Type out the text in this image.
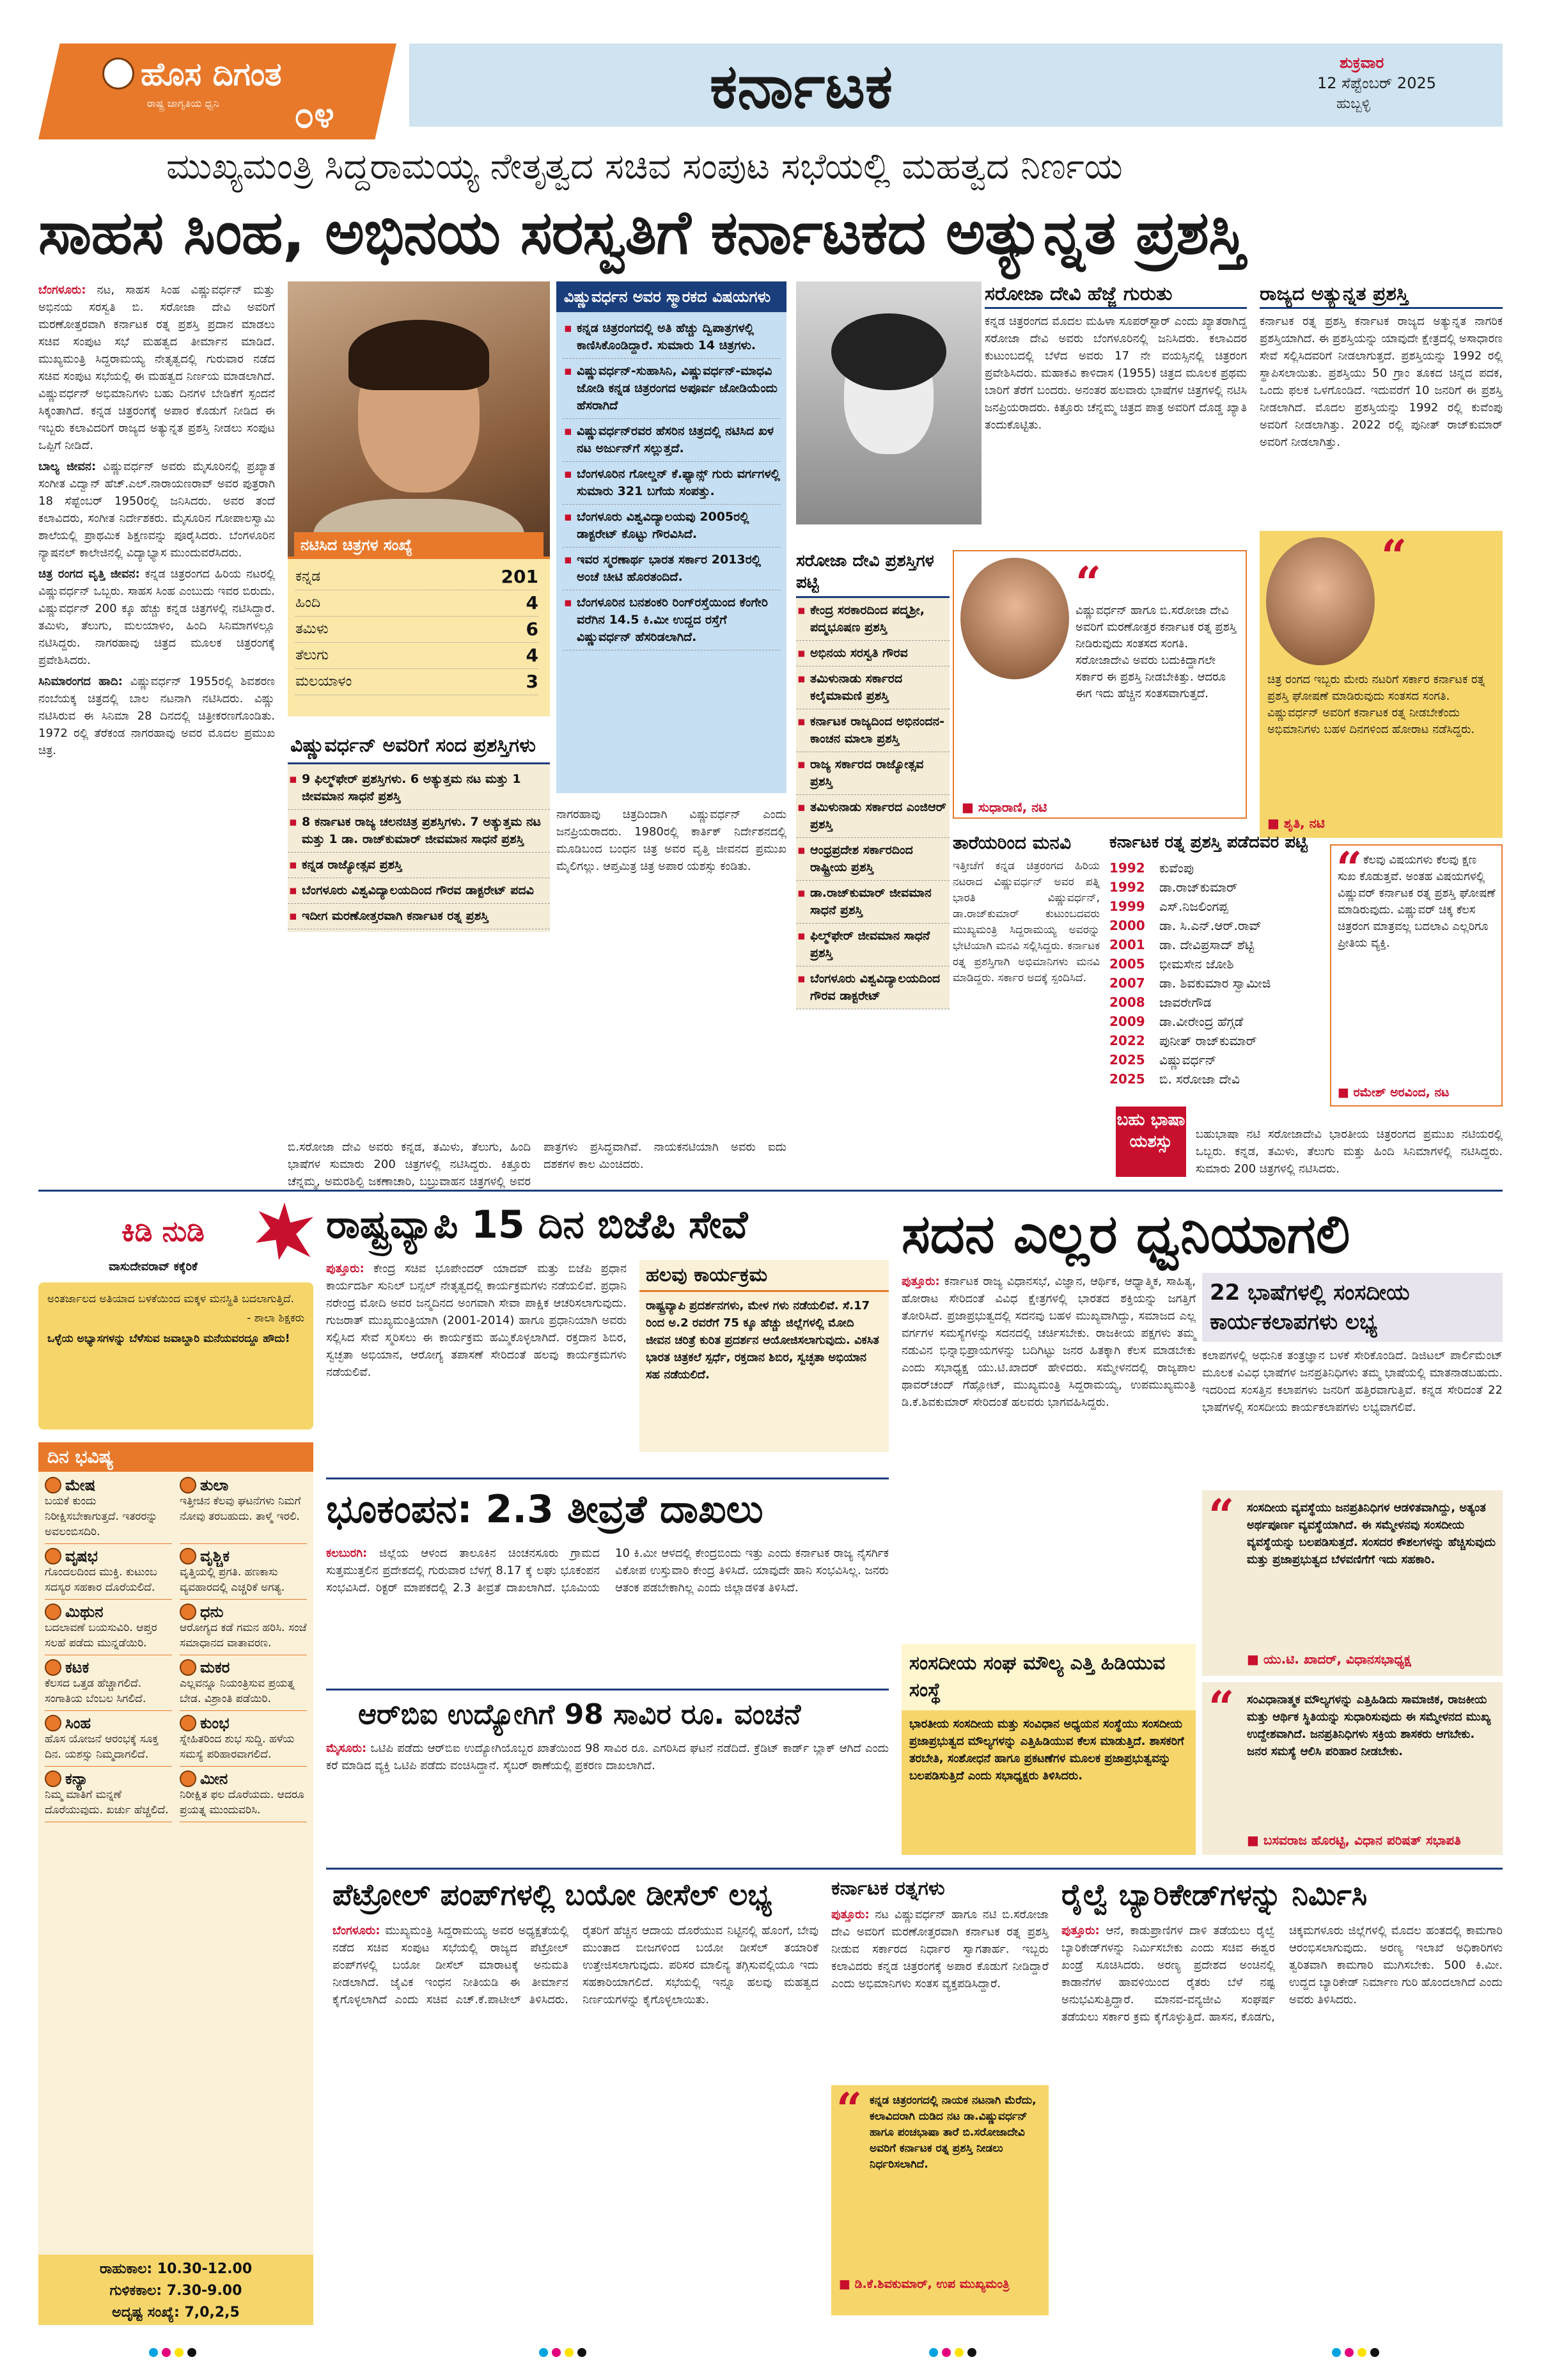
ಹೊಸ ದಿಗಂತ
ರಾಷ್ಟ್ರ ಜಾಗೃತಿಯ ಧ್ವನಿ ೦೪	ಕರ್ನಾಟಕ	ಶುಕ್ರವಾರ
12 ಸೆಪ್ಟೆಂಬರ್ 2025
ಹುಬ್ಬಳ್ಳಿ
ಮುಖ್ಯಮಂತ್ರಿ ಸಿದ್ದರಾಮಯ್ಯ ನೇತೃತ್ವದ ಸಚಿವ ಸಂಪುಟ ಸಭೆಯಲ್ಲಿ ಮಹತ್ವದ ನಿರ್ಣಯ
ಸಾಹಸ ಸಿಂಹ, ಅಭಿನಯ ಸರಸ್ವತಿಗೆ ಕರ್ನಾಟಕದ ಅತ್ಯುನ್ನತ ಪ್ರಶಸ್ತಿ

ಬೆಂಗಳೂರು: ನಟ, ಸಾಹಸ ಸಿಂಹ ವಿಷ್ಣುವರ್ಧನ್ ಮತ್ತು ಅಭಿನಯ ಸರಸ್ವತಿ ಬಿ. ಸರೋಜಾ ದೇವಿ ಅವರಿಗೆ ಮರಣೋತ್ತರವಾಗಿ ಕರ್ನಾಟಕ ರತ್ನ ಪ್ರಶಸ್ತಿ ಪ್ರದಾನ ಮಾಡಲು ಸಚಿವ ಸಂಪುಟ ಸಭೆ ಮಹತ್ವದ ತೀರ್ಮಾನ ಮಾಡಿದೆ. ಮುಖ್ಯಮಂತ್ರಿ ಸಿದ್ದರಾಮಯ್ಯ ನೇತೃತ್ವದಲ್ಲಿ ಗುರುವಾರ ನಡೆದ ಸಚಿವ ಸಂಪುಟ ಸಭೆಯಲ್ಲಿ ಈ ಮಹತ್ವದ ನಿರ್ಣಯ ಮಾಡಲಾಗಿದೆ. ವಿಷ್ಣುವರ್ಧನ್ ಅಭಿಮಾನಿಗಳು ಬಹು ದಿನಗಳ ಬೇಡಿಕೆಗೆ ಸ್ಪಂದನೆ ಸಿಕ್ಕಂತಾಗಿದೆ. ಕನ್ನಡ ಚಿತ್ರರಂಗಕ್ಕೆ ಅಪಾರ ಕೊಡುಗೆ ನೀಡಿದ ಈ ಇಬ್ಬರು ಕಲಾವಿದರಿಗೆ ರಾಜ್ಯದ ಅತ್ಯುನ್ನತ ಪ್ರಶಸ್ತಿ ನೀಡಲು ಸಂಪುಟ ಒಪ್ಪಿಗೆ ನೀಡಿದೆ.

ಬಾಲ್ಯ ಜೀವನ: ವಿಷ್ಣುವರ್ಧನ್ ಅವರು ಮೈಸೂರಿನಲ್ಲಿ ಪ್ರಖ್ಯಾತ ಸಂಗೀತ ವಿದ್ವಾನ್ ಹೆಚ್.ಎಲ್.ನಾರಾಯಣರಾವ್ ಅವರ ಪುತ್ರರಾಗಿ 18 ಸೆಪ್ಟೆಂಬರ್ 1950ರಲ್ಲಿ ಜನಿಸಿದರು. ಅವರ ತಂದೆ ಕಲಾವಿದರು, ಸಂಗೀತ ನಿರ್ದೇಶಕರು. ಮೈಸೂರಿನ ಗೋಪಾಲಸ್ವಾಮಿ ಶಾಲೆಯಲ್ಲಿ ಪ್ರಾಥಮಿಕ ಶಿಕ್ಷಣವನ್ನು ಪೂರೈಸಿದರು. ಬೆಂಗಳೂರಿನ ನ್ಯಾಷನಲ್ ಕಾಲೇಜಿನಲ್ಲಿ ವಿದ್ಯಾಭ್ಯಾಸ ಮುಂದುವರೆಸಿದರು.

ಚಿತ್ರ ರಂಗದ ವೃತ್ತಿ ಜೀವನ: ಕನ್ನಡ ಚಿತ್ರರಂಗದ ಹಿರಿಯ ನಟರಲ್ಲಿ ವಿಷ್ಣುವರ್ಧನ್ ಒಬ್ಬರು. ಸಾಹಸ ಸಿಂಹ ಎಂಬುದು ಇವರ ಬಿರುದು. ವಿಷ್ಣುವರ್ಧನ್ 200 ಕ್ಕೂ ಹೆಚ್ಚು ಕನ್ನಡ ಚಿತ್ರಗಳಲ್ಲಿ ನಟಿಸಿದ್ದಾರೆ. ತಮಿಳು, ತೆಲುಗು, ಮಲಯಾಳಂ, ಹಿಂದಿ ಸಿನಿಮಾಗಳಲ್ಲೂ ನಟಿಸಿದ್ದರು. ನಾಗರಹಾವು ಚಿತ್ರದ ಮೂಲಕ ಚಿತ್ರರಂಗಕ್ಕೆ ಪ್ರವೇಶಿಸಿದರು.

ಸಿನಿಮಾರಂಗದ ಹಾದಿ: ವಿಷ್ಣುವರ್ಧನ್ 1955ರಲ್ಲಿ ಶಿವಶರಣ ನಂಬೆಯಕ್ಕ ಚಿತ್ರದಲ್ಲಿ ಬಾಲ ನಟನಾಗಿ ನಟಿಸಿದರು. ವಿಷ್ಣು ನಟಿಸಿರುವ ಈ ಸಿನಿಮಾ 28 ದಿನದಲ್ಲಿ ಚಿತ್ರೀಕರಣಗೊಂಡಿತು. 1972 ರಲ್ಲಿ ತೆರೆಕಂಡ ನಾಗರಹಾವು ಅವರ ಮೊದಲ ಪ್ರಮುಖ ಚಿತ್ರ.

ನಟಿಸಿದ ಚಿತ್ರಗಳ ಸಂಖ್ಯೆ
ಕನ್ನಡ	201
ಹಿಂದಿ	4
ತಮಿಳು	6
ತೆಲುಗು	4
ಮಲಯಾಳಂ	3
ವಿಷ್ಣುವರ್ಧನ ಅವರ ಸ್ಮಾರಕದ ವಿಷಯಗಳು
▪ ಕನ್ನಡ ಚಿತ್ರರಂಗದಲ್ಲಿ ಅತಿ ಹೆಚ್ಚು ದ್ವಿಪಾತ್ರಗಳಲ್ಲಿ ಕಾಣಿಸಿಕೊಂಡಿದ್ದಾರೆ. ಸುಮಾರು 14 ಚಿತ್ರಗಳು.
▪ ವಿಷ್ಣುವರ್ಧನ್-ಸುಹಾಸಿನಿ, ವಿಷ್ಣುವರ್ಧನ್-ಮಾಧವಿ ಜೋಡಿ ಕನ್ನಡ ಚಿತ್ರರಂಗದ ಅಪೂರ್ವ ಜೋಡಿಯೆಂದು ಹೆಸರಾಗಿದೆ
▪ ವಿಷ್ಣುವರ್ಧನ್‌ರವರ ಹೆಸರಿನ ಚಿತ್ರದಲ್ಲಿ ನಟಿಸಿದ ಖಳ ನಟ ಅರ್ಜುನ್‌ಗೆ ಸಲ್ಲುತ್ತದೆ.
▪ ಬೆಂಗಳೂರಿನ ಗೋಲ್ಡನ್‌ ಕೆ.ಫ್ಯಾನ್ಸ್ ಗುರು ವರ್ಗಗಳಲ್ಲಿ ಸುಮಾರು 321 ಬಗೆಯ ಸಂಪತ್ತು.
▪ ಬೆಂಗಳೂರು ವಿಶ್ವವಿದ್ಯಾಲಯವು 2005ರಲ್ಲಿ ಡಾಕ್ಟರೇಟ್ ಕೊಟ್ಟು ಗೌರವಿಸಿದೆ.
▪ ಇವರ ಸ್ಮರಣಾರ್ಥ ಭಾರತ ಸರ್ಕಾರ 2013ರಲ್ಲಿ ಅಂಚೆ ಚೀಟಿ ಹೊರತಂದಿದೆ.
▪ ಬೆಂಗಳೂರಿನ ಬನಶಂಕರಿ ರಿಂಗ್‌ರಸ್ತೆಯಿಂದ ಕೆಂಗೇರಿ ವರೆಗಿನ 14.5 ಕಿ.ಮೀ ಉದ್ದದ ರಸ್ತೆಗೆ ವಿಷ್ಣುವರ್ಧನ್ ಹೆಸರಿಡಲಾಗಿದೆ.
ವಿಷ್ಣುವರ್ಧನ್ ಅವರಿಗೆ ಸಂದ ಪ್ರಶಸ್ತಿಗಳು
▪ 9 ಫಿಲ್ಮ್‌ಫೇರ್ ಪ್ರಶಸ್ತಿಗಳು. 6 ಅತ್ಯುತ್ತಮ ನಟ ಮತ್ತು 1 ಜೀವಮಾನ ಸಾಧನೆ ಪ್ರಶಸ್ತಿ
▪ 8 ಕರ್ನಾಟಕ ರಾಜ್ಯ ಚಲನಚಿತ್ರ ಪ್ರಶಸ್ತಿಗಳು. 7 ಅತ್ಯುತ್ತಮ ನಟ ಮತ್ತು 1 ಡಾ. ರಾಜ್‌ಕುಮಾರ್ ಜೀವಮಾನ ಸಾಧನೆ ಪ್ರಶಸ್ತಿ
▪ ಕನ್ನಡ ರಾಜ್ಯೋತ್ಸವ ಪ್ರಶಸ್ತಿ
▪ ಬೆಂಗಳೂರು ವಿಶ್ವವಿದ್ಯಾಲಯದಿಂದ ಗೌರವ ಡಾಕ್ಟರೇಟ್ ಪದವಿ
▪ ಇದೀಗ ಮರಣೋತ್ತರವಾಗಿ ಕರ್ನಾಟಕ ರತ್ನ ಪ್ರಶಸ್ತಿ

ನಾಗರಹಾವು ಚಿತ್ರದಿಂದಾಗಿ ವಿಷ್ಣುವರ್ಧನ್ ಎಂದು ಜನಪ್ರಿಯರಾದರು. 1980ರಲ್ಲಿ ಕಾರ್ತಿಕ್ ನಿರ್ದೇಶನದಲ್ಲಿ ಮೂಡಿಬಂದ ಬಂಧನ ಚಿತ್ರ ಅವರ ವೃತ್ತಿ ಜೀವನದ ಪ್ರಮುಖ ಮೈಲಿಗಲ್ಲು. ಆಪ್ತಮಿತ್ರ ಚಿತ್ರ ಅಪಾರ ಯಶಸ್ಸು ಕಂಡಿತು.

ಬಿ.ಸರೋಜಾ ದೇವಿ ಅವರು ಕನ್ನಡ, ತಮಿಳು, ತೆಲುಗು, ಹಿಂದಿ ಭಾಷೆಗಳ ಸುಮಾರು 200 ಚಿತ್ರಗಳಲ್ಲಿ ನಟಿಸಿದ್ದರು. ಕಿತ್ತೂರು ಚೆನ್ನಮ್ಮ, ಅಮರಶಿಲ್ಪಿ ಜಕಣಾಚಾರಿ, ಬಬ್ರುವಾಹನ ಚಿತ್ರಗಳಲ್ಲಿ ಅವರ ಪಾತ್ರಗಳು ಪ್ರಸಿದ್ಧವಾಗಿವೆ. ನಾಯಕನಟಿಯಾಗಿ ಅವರು ಐದು ದಶಕಗಳ ಕಾಲ ಮಿಂಚಿದರು.

ಸರೋಜಾ ದೇವಿ ಹೆಜ್ಜೆ ಗುರುತು

ಕನ್ನಡ ಚಿತ್ರರಂಗದ ಮೊದಲ ಮಹಿಳಾ ಸೂಪರ್‌ಸ್ಟಾರ್ ಎಂದು ಖ್ಯಾತರಾಗಿದ್ದ ಸರೋಜಾ ದೇವಿ ಅವರು ಬೆಂಗಳೂರಿನಲ್ಲಿ ಜನಿಸಿದರು. ಕಲಾವಿದರ ಕುಟುಂಬದಲ್ಲಿ ಬೆಳೆದ ಅವರು 17 ನೇ ವಯಸ್ಸಿನಲ್ಲಿ ಚಿತ್ರರಂಗ ಪ್ರವೇಶಿಸಿದರು. ಮಹಾಕವಿ ಕಾಳಿದಾಸ (1955) ಚಿತ್ರದ ಮೂಲಕ ಪ್ರಥಮ ಬಾರಿಗೆ ತೆರೆಗೆ ಬಂದರು. ಅನಂತರ ಹಲವಾರು ಭಾಷೆಗಳ ಚಿತ್ರಗಳಲ್ಲಿ ನಟಿಸಿ ಜನಪ್ರಿಯರಾದರು. ಕಿತ್ತೂರು ಚೆನ್ನಮ್ಮ ಚಿತ್ರದ ಪಾತ್ರ ಅವರಿಗೆ ದೊಡ್ಡ ಖ್ಯಾತಿ ತಂದುಕೊಟ್ಟಿತು.

ರಾಜ್ಯದ ಅತ್ಯುನ್ನತ ಪ್ರಶಸ್ತಿ

ಕರ್ನಾಟಕ ರತ್ನ ಪ್ರಶಸ್ತಿ ಕರ್ನಾಟಕ ರಾಜ್ಯದ ಅತ್ಯುನ್ನತ ನಾಗರಿಕ ಪ್ರಶಸ್ತಿಯಾಗಿದೆ. ಈ ಪ್ರಶಸ್ತಿಯನ್ನು ಯಾವುದೇ ಕ್ಷೇತ್ರದಲ್ಲಿ ಅಸಾಧಾರಣ ಸೇವೆ ಸಲ್ಲಿಸಿದವರಿಗೆ ನೀಡಲಾಗುತ್ತದೆ. ಪ್ರಶಸ್ತಿಯನ್ನು 1992 ರಲ್ಲಿ ಸ್ಥಾಪಿಸಲಾಯಿತು. ಪ್ರಶಸ್ತಿಯು 50 ಗ್ರಾಂ ತೂಕದ ಚಿನ್ನದ ಪದಕ, ಒಂದು ಫಲಕ ಒಳಗೊಂಡಿದೆ. ಇದುವರೆಗೆ 10 ಜನರಿಗೆ ಈ ಪ್ರಶಸ್ತಿ ನೀಡಲಾಗಿದೆ. ಮೊದಲ ಪ್ರಶಸ್ತಿಯನ್ನು 1992 ರಲ್ಲಿ ಕುವೆಂಪು ಅವರಿಗೆ ನೀಡಲಾಗಿತ್ತು. 2022 ರಲ್ಲಿ ಪುನೀತ್ ರಾಜ್‌ಕುಮಾರ್ ಅವರಿಗೆ ನೀಡಲಾಗಿತ್ತು.

ಸರೋಜಾ ದೇವಿ ಪ್ರಶಸ್ತಿಗಳ ಪಟ್ಟಿ
▪ ಕೇಂದ್ರ ಸರಕಾರದಿಂದ ಪದ್ಮಶ್ರೀ, ಪದ್ಮಭೂಷಣ ಪ್ರಶಸ್ತಿ
▪ ಅಭಿನಯ ಸರಸ್ವತಿ ಗೌರವ
▪ ತಮಿಳುನಾಡು ಸರ್ಕಾರದ ಕಲೈಮಾಮಣಿ ಪ್ರಶಸ್ತಿ
▪ ಕರ್ನಾಟಕ ರಾಜ್ಯದಿಂದ ಅಭಿನಂದನ-ಕಾಂಚನ ಮಾಲಾ ಪ್ರಶಸ್ತಿ
▪ ರಾಜ್ಯ ಸರ್ಕಾರದ ರಾಜ್ಯೋತ್ಸವ ಪ್ರಶಸ್ತಿ
▪ ತಮಿಳುನಾಡು ಸರ್ಕಾರದ ಎಂಜಿಆರ್ ಪ್ರಶಸ್ತಿ
▪ ಆಂಧ್ರಪ್ರದೇಶ ಸರ್ಕಾರದಿಂದ ರಾಷ್ಟ್ರೀಯ ಪ್ರಶಸ್ತಿ
▪ ಡಾ.ರಾಜ್‌ಕುಮಾರ್ ಜೀವಮಾನ ಸಾಧನೆ ಪ್ರಶಸ್ತಿ
▪ ಫಿಲ್ಮ್‌ಫೇರ್ ಜೀವಮಾನ ಸಾಧನೆ ಪ್ರಶಸ್ತಿ
▪ ಬೆಂಗಳೂರು ವಿಶ್ವವಿದ್ಯಾಲಯದಿಂದ ಗೌರವ ಡಾಕ್ಟರೇಟ್
“

ವಿಷ್ಣುವರ್ಧನ್ ಹಾಗೂ ಬಿ.ಸರೋಜಾ ದೇವಿ ಅವರಿಗೆ ಮರಣೋತ್ತರ ಕರ್ನಾಟಕ ರತ್ನ ಪ್ರಶಸ್ತಿ ನೀಡಿರುವುದು ಸಂತಸದ ಸಂಗತಿ. ಸರೋಜಾದೇವಿ ಅವರು ಬದುಕಿದ್ದಾಗಲೇ ಸರ್ಕಾರ ಈ ಪ್ರಶಸ್ತಿ ನೀಡಬೇಕಿತ್ತು. ಆದರೂ ಈಗ ಇದು ಹೆಚ್ಚಿನ ಸಂತಸವಾಗುತ್ತದೆ.

■ ಸುಧಾರಾಣಿ, ನಟಿ
“

ಚಿತ್ರ ರಂಗದ ಇಬ್ಬರು ಮೇರು ನಟರಿಗೆ ಸರ್ಕಾರ ಕರ್ನಾಟಕ ರತ್ನ ಪ್ರಶಸ್ತಿ ಘೋಷಣೆ ಮಾಡಿರುವುದು ಸಂತಸದ ಸಂಗತಿ. ವಿಷ್ಣುವರ್ಧನ್ ಅವರಿಗೆ ಕರ್ನಾಟಕ ರತ್ನ ನೀಡಬೇಕೆಂದು ಅಭಿಮಾನಿಗಳು ಬಹಳ ದಿನಗಳಿಂದ ಹೋರಾಟ ನಡೆಸಿದ್ದರು.

■ ಶೃತಿ, ನಟಿ
ತಾರೆಯರಿಂದ ಮನವಿ

ಇತ್ತೀಚೆಗೆ ಕನ್ನಡ ಚಿತ್ರರಂಗದ ಹಿರಿಯ ನಟರಾದ ವಿಷ್ಣುವರ್ಧನ್ ಅವರ ಪತ್ನಿ ಭಾರತಿ ವಿಷ್ಣುವರ್ಧನ್, ಡಾ.ರಾಜ್‌ಕುಮಾರ್ ಕುಟುಂಬದವರು ಮುಖ್ಯಮಂತ್ರಿ ಸಿದ್ದರಾಮಯ್ಯ ಅವರನ್ನು ಭೇಟಿಯಾಗಿ ಮನವಿ ಸಲ್ಲಿಸಿದ್ದರು. ಕರ್ನಾಟಕ ರತ್ನ ಪ್ರಶಸ್ತಿಗಾಗಿ ಅಭಿಮಾನಿಗಳು ಮನವಿ ಮಾಡಿದ್ದರು. ಸರ್ಕಾರ ಅದಕ್ಕೆ ಸ್ಪಂದಿಸಿದೆ.

ಕರ್ನಾಟಕ ರತ್ನ ಪ್ರಶಸ್ತಿ ಪಡೆದವರ ಪಟ್ಟಿ
1992	ಕುವೆಂಪು
1992	ಡಾ.ರಾಜ್‌ಕುಮಾರ್
1999	ಎಸ್.ನಿಜಲಿಂಗಪ್ಪ
2000	ಡಾ. ಸಿ.ಎನ್.ಆರ್.ರಾವ್
2001	ಡಾ. ದೇವಿಪ್ರಸಾದ್ ಶೆಟ್ಟಿ
2005	ಭೀಮಸೇನ ಜೋಶಿ
2007	ಡಾ. ಶಿವಕುಮಾರ ಸ್ವಾಮೀಜಿ
2008	ಜಾವರೇಗೌಡ
2009	ಡಾ.ವೀರೇಂದ್ರ ಹೆಗ್ಗಡೆ
2022	ಪುನೀತ್ ರಾಜ್‌ಕುಮಾರ್
2025	ವಿಷ್ಣುವರ್ಧನ್
2025	ಬಿ. ಸರೋಜಾ ದೇವಿ
ಬಹು ಭಾಷಾ ಯಶಸ್ಸು
“ ಕೆಲವು ವಿಷಯಗಳು ಕೆಲವು ಕ್ಷಣ ಸುಖ ಕೊಡುತ್ತವೆ. ಅಂತಹ ವಿಷಯಗಳಲ್ಲಿ ವಿಷ್ಣುವರ್ ಕರ್ನಾಟಕ ರತ್ನ ಪ್ರಶಸ್ತಿ ಘೋಷಣೆ ಮಾಡಿರುವುದು. ವಿಷ್ಣುವರ್ ಚಿಕ್ಕ ಕೆಲಸ ಚಿತ್ರರಂಗ ಮಾತ್ರವಲ್ಲ ಬದಲಾವಿ ಎಲ್ಲರಿಗೂ ಪ್ರೀತಿಯ ವ್ಯಕ್ತಿ.

■ ರಮೇಶ್ ಅರವಿಂದ, ನಟ

ಬಹುಭಾಷಾ ನಟಿ ಸರೋಜಾದೇವಿ ಭಾರತೀಯ ಚಿತ್ರರಂಗದ ಪ್ರಮುಖ ನಟಿಯರಲ್ಲಿ ಒಬ್ಬರು. ಕನ್ನಡ, ತಮಿಳು, ತೆಲುಗು ಮತ್ತು ಹಿಂದಿ ಸಿನಿಮಾಗಳಲ್ಲಿ ನಟಿಸಿದ್ದರು. ಸುಮಾರು 200 ಚಿತ್ರಗಳಲ್ಲಿ ನಟಿಸಿದರು.

ಕಿಡಿ ನುಡಿ
ವಾಸುದೇವರಾವ್ ಕಕ್ಕೆರಿಕೆ

ಅಂತರ್ಜಾಲದ ಅತಿಯಾದ ಬಳಕೆಯಿಂದ ಮಕ್ಕಳ ಮನಸ್ಥಿತಿ ಬದಲಾಗುತ್ತಿದೆ.

- ಶಾಲಾ ಶಿಕ್ಷಕರು

ಒಳ್ಳೆಯ ಅಭ್ಯಾಸಗಳನ್ನು ಬೆಳೆಸುವ ಜವಾಬ್ದಾರಿ ಮನೆಯವರದ್ದೂ ಹೌದು!

ದಿನ ಭವಿಷ್ಯ
ಮೇಷ

ಬಯಕೆ ಕುಂದು ನಿರೀಕ್ಷಿಸಬೇಕಾಗುತ್ತದೆ. ಇತರರನ್ನು ಅವಲಂಬಿಸದಿರಿ.

ತುಲಾ

ಇತ್ತೀಚಿನ ಕೆಲವು ಘಟನೆಗಳು ನಿಮಗೆ ನೋವು ತರಬಹುದು. ತಾಳ್ಮೆ ಇರಲಿ.

ವೃಷಭ

ಗೊಂದಲದಿಂದ ಮುಕ್ತಿ. ಕುಟುಂಬ ಸದಸ್ಯರ ಸಹಕಾರ ದೊರೆಯಲಿದೆ.

ವೃಶ್ಚಿಕ

ವೃತ್ತಿಯಲ್ಲಿ ಪ್ರಗತಿ. ಹಣಕಾಸು ವ್ಯವಹಾರದಲ್ಲಿ ಎಚ್ಚರಿಕೆ ಅಗತ್ಯ.

ಮಿಥುನ

ಬದಲಾವಣೆ ಬಯಸುವಿರಿ. ಆಪ್ತರ ಸಲಹೆ ಪಡೆದು ಮುನ್ನಡೆಯಿರಿ.

ಧನು

ಆರೋಗ್ಯದ ಕಡೆ ಗಮನ ಹರಿಸಿ. ಸಂಜೆ ಸಮಾಧಾನದ ವಾತಾವರಣ.

ಕಟಕ

ಕೆಲಸದ ಒತ್ತಡ ಹೆಚ್ಚಾಗಲಿದೆ. ಸಂಗಾತಿಯ ಬೆಂಬಲ ಸಿಗಲಿದೆ.

ಮಕರ

ಎಲ್ಲವನ್ನೂ ನಿಯಂತ್ರಿಸುವ ಪ್ರಯತ್ನ ಬೇಡ. ವಿಶ್ರಾಂತಿ ಪಡೆಯಿರಿ.

ಸಿಂಹ

ಹೊಸ ಯೋಜನೆ ಆರಂಭಕ್ಕೆ ಸೂಕ್ತ ದಿನ. ಯಶಸ್ಸು ನಿಮ್ಮದಾಗಲಿದೆ.

ಕುಂಭ

ಸ್ನೇಹಿತರಿಂದ ಶುಭ ಸುದ್ದಿ. ಹಳೆಯ ಸಮಸ್ಯೆ ಪರಿಹಾರವಾಗಲಿದೆ.

ಕನ್ಯಾ

ನಿಮ್ಮ ಮಾತಿಗೆ ಮನ್ನಣೆ ದೊರೆಯುವುದು. ಖರ್ಚು ಹೆಚ್ಚಲಿದೆ.

ಮೀನ

ನಿರೀಕ್ಷಿತ ಫಲ ದೊರೆಯದು. ಆದರೂ ಪ್ರಯತ್ನ ಮುಂದುವರಿಸಿ.

ರಾಹುಕಾಲ: 10.30-12.00
ಗುಳಿಕಕಾಲ: 7.30-9.00
ಅದೃಷ್ಟ ಸಂಖ್ಯೆ: 7,0,2,5
ರಾಷ್ಟ್ರವ್ಯಾಪಿ 15 ದಿನ ಬಿಜೆಪಿ ಸೇವೆ

ಪುತ್ತೂರು: ಕೇಂದ್ರ ಸಚಿವ ಭೂಪೇಂದರ್ ಯಾದವ್ ಮತ್ತು ಬಿಜೆಪಿ ಪ್ರಧಾನ ಕಾರ್ಯದರ್ಶಿ ಸುನಿಲ್ ಬನ್ಸಲ್ ನೇತೃತ್ವದಲ್ಲಿ ಕಾರ್ಯಕ್ರಮಗಳು ನಡೆಯಲಿವೆ. ಪ್ರಧಾನಿ ನರೇಂದ್ರ ಮೋದಿ ಅವರ ಜನ್ಮದಿನದ ಅಂಗವಾಗಿ ಸೇವಾ ಪಾಕ್ಷಿಕ ಆಚರಿಸಲಾಗುವುದು. ಗುಜರಾತ್ ಮುಖ್ಯಮಂತ್ರಿಯಾಗಿ (2001-2014) ಹಾಗೂ ಪ್ರಧಾನಿಯಾಗಿ ಅವರು ಸಲ್ಲಿಸಿದ ಸೇವೆ ಸ್ಮರಿಸಲು ಈ ಕಾರ್ಯಕ್ರಮ ಹಮ್ಮಿಕೊಳ್ಳಲಾಗಿದೆ. ರಕ್ತದಾನ ಶಿಬಿರ, ಸ್ವಚ್ಛತಾ ಅಭಿಯಾನ, ಆರೋಗ್ಯ ತಪಾಸಣೆ ಸೇರಿದಂತೆ ಹಲವು ಕಾರ್ಯಕ್ರಮಗಳು ನಡೆಯಲಿವೆ.

ಹಲವು ಕಾರ್ಯಕ್ರಮ

ರಾಷ್ಟ್ರವ್ಯಾಪಿ ಪ್ರದರ್ಶನಗಳು, ಮೇಳ ಗಳು ನಡೆಯಲಿವೆ. ಸೆ.17 ರಿಂದ ಅ.2 ರವರೆಗೆ 75 ಕ್ಕೂ ಹೆಚ್ಚು ಜಿಲ್ಲೆಗಳಲ್ಲಿ ಮೋದಿ ಜೀವನ ಚರಿತ್ರೆ ಕುರಿತ ಪ್ರದರ್ಶನ ಆಯೋಜಿಸಲಾಗುವುದು. ವಿಕಸಿತ ಭಾರತ ಚಿತ್ರಕಲೆ ಸ್ಪರ್ಧೆ, ರಕ್ತದಾನ ಶಿಬಿರ, ಸ್ವಚ್ಛತಾ ಅಭಿಯಾನ ಸಹ ನಡೆಯಲಿದೆ.

ಭೂಕಂಪನ: 2.3 ತೀವ್ರತೆ ದಾಖಲು

ಕಲಬುರಗಿ: ಜಿಲ್ಲೆಯ ಆಳಂದ ತಾಲೂಕಿನ ಚಿಂಚನಸೂರು ಗ್ರಾಮದ ಸುತ್ತಮುತ್ತಲಿನ ಪ್ರದೇಶದಲ್ಲಿ ಗುರುವಾರ ಬೆಳಗ್ಗೆ 8.17 ಕ್ಕೆ ಲಘು ಭೂಕಂಪನ ಸಂಭವಿಸಿದೆ. ರಿಕ್ಟರ್ ಮಾಪಕದಲ್ಲಿ 2.3 ತೀವ್ರತೆ ದಾಖಲಾಗಿದೆ. ಭೂಮಿಯ 10 ಕಿ.ಮೀ ಆಳದಲ್ಲಿ ಕೇಂದ್ರಬಿಂದು ಇತ್ತು ಎಂದು ಕರ್ನಾಟಕ ರಾಜ್ಯ ನೈಸರ್ಗಿಕ ವಿಕೋಪ ಉಸ್ತುವಾರಿ ಕೇಂದ್ರ ತಿಳಿಸಿದೆ. ಯಾವುದೇ ಹಾನಿ ಸಂಭವಿಸಿಲ್ಲ. ಜನರು ಆತಂಕ ಪಡಬೇಕಾಗಿಲ್ಲ ಎಂದು ಜಿಲ್ಲಾಡಳಿತ ತಿಳಿಸಿದೆ.

ಆರ್‌ಬಿಐ ಉದ್ಯೋಗಿಗೆ 98 ಸಾವಿರ ರೂ. ವಂಚನೆ

ಮೈಸೂರು: ಒಟಿಪಿ ಪಡೆದು ಆರ್‌ಬಿಐ ಉದ್ಯೋಗಿಯೊಬ್ಬರ ಖಾತೆಯಿಂದ 98 ಸಾವಿರ ರೂ. ಎಗರಿಸಿದ ಘಟನೆ ನಡೆದಿದೆ. ಕ್ರೆಡಿಟ್ ಕಾರ್ಡ್ ಬ್ಲಾಕ್ ಆಗಿದೆ ಎಂದು ಕರೆ ಮಾಡಿದ ವ್ಯಕ್ತಿ ಒಟಿಪಿ ಪಡೆದು ವಂಚಿಸಿದ್ದಾನೆ. ಸೈಬರ್ ಠಾಣೆಯಲ್ಲಿ ಪ್ರಕರಣ ದಾಖಲಾಗಿದೆ.

ಸದನ ಎಲ್ಲರ ಧ್ವನಿಯಾಗಲಿ

ಪುತ್ತೂರು: ಕರ್ನಾಟಕ ರಾಜ್ಯ ವಿಧಾನಸಭೆ, ವಿಜ್ಞಾನ, ಆರ್ಥಿಕ, ಆಧ್ಯಾತ್ಮಿಕ, ಸಾಹಿತ್ಯ, ಹೋರಾಟ ಸೇರಿದಂತೆ ವಿವಿಧ ಕ್ಷೇತ್ರಗಳಲ್ಲಿ ಭಾರತದ ಶಕ್ತಿಯನ್ನು ಜಗತ್ತಿಗೆ ತೋರಿಸಿದೆ. ಪ್ರಜಾಪ್ರಭುತ್ವದಲ್ಲಿ ಸದನವು ಬಹಳ ಮುಖ್ಯವಾಗಿದ್ದು, ಸಮಾಜದ ಎಲ್ಲ ವರ್ಗಗಳ ಸಮಸ್ಯೆಗಳನ್ನು ಸದನದಲ್ಲಿ ಚರ್ಚಿಸಬೇಕು. ರಾಜಕೀಯ ಪಕ್ಷಗಳು ತಮ್ಮ ನಡುವಿನ ಭಿನ್ನಾಭಿಪ್ರಾಯಗಳನ್ನು ಬದಿಗಿಟ್ಟು ಜನರ ಹಿತಕ್ಕಾಗಿ ಕೆಲಸ ಮಾಡಬೇಕು ಎಂದು ಸಭಾಧ್ಯಕ್ಷ ಯು.ಟಿ.ಖಾದರ್ ಹೇಳಿದರು. ಸಮ್ಮೇಳನದಲ್ಲಿ ರಾಜ್ಯಪಾಲ ಥಾವರ್‌ಚಂದ್ ಗೆಹ್ಲೋಟ್, ಮುಖ್ಯಮಂತ್ರಿ ಸಿದ್ದರಾಮಯ್ಯ, ಉಪಮುಖ್ಯಮಂತ್ರಿ ಡಿ.ಕೆ.ಶಿವಕುಮಾರ್ ಸೇರಿದಂತೆ ಹಲವರು ಭಾಗವಹಿಸಿದ್ದರು.

22 ಭಾಷೆಗಳಲ್ಲಿ ಸಂಸದೀಯ ಕಾರ್ಯಕಲಾಪಗಳು ಲಭ್ಯ

ಕಲಾಪಗಳಲ್ಲಿ ಅಧುನಿಕ ತಂತ್ರಜ್ಞಾನ ಬಳಕೆ ಸೇರಿಕೊಂಡಿದೆ. ಡಿಜಿಟಲ್ ಪಾರ್ಲಿಮೆಂಟ್ ಮೂಲಕ ವಿವಿಧ ಭಾಷೆಗಳ ಜನಪ್ರತಿನಿಧಿಗಳು ತಮ್ಮ ಭಾಷೆಯಲ್ಲಿ ಮಾತನಾಡಬಹುದು. ಇದರಿಂದ ಸಂಸತ್ತಿನ ಕಲಾಪಗಳು ಜನರಿಗೆ ಹತ್ತಿರವಾಗುತ್ತಿವೆ. ಕನ್ನಡ ಸೇರಿದಂತೆ 22 ಭಾಷೆಗಳಲ್ಲಿ ಸಂಸದೀಯ ಕಾರ್ಯಕಲಾಪಗಳು ಲಭ್ಯವಾಗಲಿವೆ.

ಸಂಸದೀಯ ಸಂಘ ಮೌಲ್ಯ ಎತ್ತಿ ಹಿಡಿಯುವ ಸಂಸ್ಥೆ

ಭಾರತೀಯ ಸಂಸದೀಯ ಮತ್ತು ಸಂವಿಧಾನ ಅಧ್ಯಯನ ಸಂಸ್ಥೆಯು ಸಂಸದೀಯ ಪ್ರಜಾಪ್ರಭುತ್ವದ ಮೌಲ್ಯಗಳನ್ನು ಎತ್ತಿಹಿಡಿಯುವ ಕೆಲಸ ಮಾಡುತ್ತಿದೆ. ಶಾಸಕರಿಗೆ ತರಬೇತಿ, ಸಂಶೋಧನೆ ಹಾಗೂ ಪ್ರಕಟಣೆಗಳ ಮೂಲಕ ಪ್ರಜಾಪ್ರಭುತ್ವವನ್ನು ಬಲಪಡಿಸುತ್ತಿದೆ ಎಂದು ಸಭಾಧ್ಯಕ್ಷರು ತಿಳಿಸಿದರು.

“ ಸಂಸದೀಯ ವ್ಯವಸ್ಥೆಯು ಜನಪ್ರತಿನಿಧಿಗಳ ಆಡಳಿತವಾಗಿದ್ದು, ಅತ್ಯಂತ ಅರ್ಥಪೂರ್ಣ ವ್ಯವಸ್ಥೆಯಾಗಿದೆ. ಈ ಸಮ್ಮೇಳನವು ಸಂಸದೀಯ ವ್ಯವಸ್ಥೆಯನ್ನು ಬಲಪಡಿಸುತ್ತದೆ. ಸಂಸದರ ಕೌಶಲಗಳನ್ನು ಹೆಚ್ಚಿಸುವುದು ಮತ್ತು ಪ್ರಜಾಪ್ರಭುತ್ವದ ಬೆಳವಣಿಗೆಗೆ ಇದು ಸಹಕಾರಿ.

■ ಯು.ಟಿ. ಖಾದರ್, ವಿಧಾನಸಭಾಧ್ಯಕ್ಷ
“ ಸಂವಿಧಾನಾತ್ಮಕ ಮೌಲ್ಯಗಳನ್ನು ಎತ್ತಿಹಿಡಿದು ಸಾಮಾಜಿಕ, ರಾಜಕೀಯ ಮತ್ತು ಆರ್ಥಿಕ ಸ್ಥಿತಿಯನ್ನು ಸುಧಾರಿಸುವುದು ಈ ಸಮ್ಮೇಳನದ ಮುಖ್ಯ ಉದ್ದೇಶವಾಗಿದೆ. ಜನಪ್ರತಿನಿಧಿಗಳು ಸಕ್ರಿಯ ಶಾಸಕರು ಆಗಬೇಕು. ಜನರ ಸಮಸ್ಯೆ ಆಲಿಸಿ ಪರಿಹಾರ ನೀಡಬೇಕು.

■ ಬಸವರಾಜ ಹೊರಟ್ಟಿ, ವಿಧಾನ ಪರಿಷತ್ ಸಭಾಪತಿ
ಪೆಟ್ರೋಲ್ ಪಂಪ್‌ಗಳಲ್ಲಿ ಬಯೋ ಡೀಸೆಲ್ ಲಭ್ಯ

ಬೆಂಗಳೂರು: ಮುಖ್ಯಮಂತ್ರಿ ಸಿದ್ದರಾಮಯ್ಯ ಅವರ ಅಧ್ಯಕ್ಷತೆಯಲ್ಲಿ ನಡೆದ ಸಚಿವ ಸಂಪುಟ ಸಭೆಯಲ್ಲಿ ರಾಜ್ಯದ ಪೆಟ್ರೋಲ್ ಪಂಪ್‌ಗಳಲ್ಲಿ ಬಯೋ ಡೀಸೆಲ್ ಮಾರಾಟಕ್ಕೆ ಅನುಮತಿ ನೀಡಲಾಗಿದೆ. ಜೈವಿಕ ಇಂಧನ ನೀತಿಯಡಿ ಈ ತೀರ್ಮಾನ ಕೈಗೊಳ್ಳಲಾಗಿದೆ ಎಂದು ಸಚಿವ ಎಚ್.ಕೆ.ಪಾಟೀಲ್ ತಿಳಿಸಿದರು. ರೈತರಿಗೆ ಹೆಚ್ಚಿನ ಆದಾಯ ದೊರೆಯುವ ನಿಟ್ಟಿನಲ್ಲಿ ಹೊಂಗೆ, ಬೇವು ಮುಂತಾದ ಬೀಜಗಳಿಂದ ಬಯೋ ಡೀಸೆಲ್ ತಯಾರಿಕೆ ಉತ್ತೇಜಿಸಲಾಗುವುದು. ಪರಿಸರ ಮಾಲಿನ್ಯ ತಗ್ಗಿಸುವಲ್ಲಿಯೂ ಇದು ಸಹಕಾರಿಯಾಗಲಿದೆ. ಸಭೆಯಲ್ಲಿ ಇನ್ನೂ ಹಲವು ಮಹತ್ವದ ನಿರ್ಣಯಗಳನ್ನು ಕೈಗೊಳ್ಳಲಾಯಿತು.

ಕರ್ನಾಟಕ ರತ್ನಗಳು

ಪುತ್ತೂರು: ನಟ ವಿಷ್ಣುವರ್ಧನ್ ಹಾಗೂ ನಟಿ ಬಿ.ಸರೋಜಾ ದೇವಿ ಅವರಿಗೆ ಮರಣೋತ್ತರವಾಗಿ ಕರ್ನಾಟಕ ರತ್ನ ಪ್ರಶಸ್ತಿ ನೀಡುವ ಸರ್ಕಾರದ ನಿರ್ಧಾರ ಸ್ವಾಗತಾರ್ಹ. ಇಬ್ಬರು ಕಲಾವಿದರು ಕನ್ನಡ ಚಿತ್ರರಂಗಕ್ಕೆ ಅಪಾರ ಕೊಡುಗೆ ನೀಡಿದ್ದಾರೆ ಎಂದು ಅಭಿಮಾನಿಗಳು ಸಂತಸ ವ್ಯಕ್ತಪಡಿಸಿದ್ದಾರೆ.

“ ಕನ್ನಡ ಚಿತ್ರರಂಗದಲ್ಲಿ ನಾಯಕ ನಟನಾಗಿ ಮೆರೆದು, ಕಲಾವಿದರಾಗಿ ದುಡಿದ ನಟ ಡಾ.ವಿಷ್ಣುವರ್ಧನ್ ಹಾಗೂ ಪಂಚಭಾಷಾ ತಾರೆ ಬಿ.ಸರೋಜಾದೇವಿ ಅವರಿಗೆ ಕರ್ನಾಟಕ ರತ್ನ ಪ್ರಶಸ್ತಿ ನೀಡಲು ನಿರ್ಧರಿಸಲಾಗಿದೆ.

■ ಡಿ.ಕೆ.ಶಿವಕುಮಾರ್, ಉಪ ಮುಖ್ಯಮಂತ್ರಿ
ರೈಲ್ವೆ ಬ್ಯಾರಿಕೇಡ್‌ಗಳನ್ನು ನಿರ್ಮಿಸಿ

ಪುತ್ತೂರು: ಆನೆ, ಕಾಡುಪ್ರಾಣಿಗಳ ದಾಳಿ ತಡೆಯಲು ರೈಲ್ವೆ ಬ್ಯಾರಿಕೇಡ್‌ಗಳನ್ನು ನಿರ್ಮಿಸಬೇಕು ಎಂದು ಸಚಿವ ಈಶ್ವರ ಖಂಡ್ರೆ ಸೂಚಿಸಿದರು. ಅರಣ್ಯ ಪ್ರದೇಶದ ಅಂಚಿನಲ್ಲಿ ಕಾಡಾನೆಗಳ ಹಾವಳಿಯಿಂದ ರೈತರು ಬೆಳೆ ನಷ್ಟ ಅನುಭವಿಸುತ್ತಿದ್ದಾರೆ. ಮಾನವ-ವನ್ಯಜೀವಿ ಸಂಘರ್ಷ ತಡೆಯಲು ಸರ್ಕಾರ ಕ್ರಮ ಕೈಗೊಳ್ಳುತ್ತಿದೆ. ಹಾಸನ, ಕೊಡಗು, ಚಿಕ್ಕಮಗಳೂರು ಜಿಲ್ಲೆಗಳಲ್ಲಿ ಮೊದಲ ಹಂತದಲ್ಲಿ ಕಾಮಗಾರಿ ಆರಂಭಿಸಲಾಗುವುದು. ಅರಣ್ಯ ಇಲಾಖೆ ಅಧಿಕಾರಿಗಳು ತ್ವರಿತವಾಗಿ ಕಾಮಗಾರಿ ಮುಗಿಸಬೇಕು. 500 ಕಿ.ಮೀ. ಉದ್ದದ ಬ್ಯಾರಿಕೇಡ್ ನಿರ್ಮಾಣ ಗುರಿ ಹೊಂದಲಾಗಿದೆ ಎಂದು ಅವರು ತಿಳಿಸಿದರು.
